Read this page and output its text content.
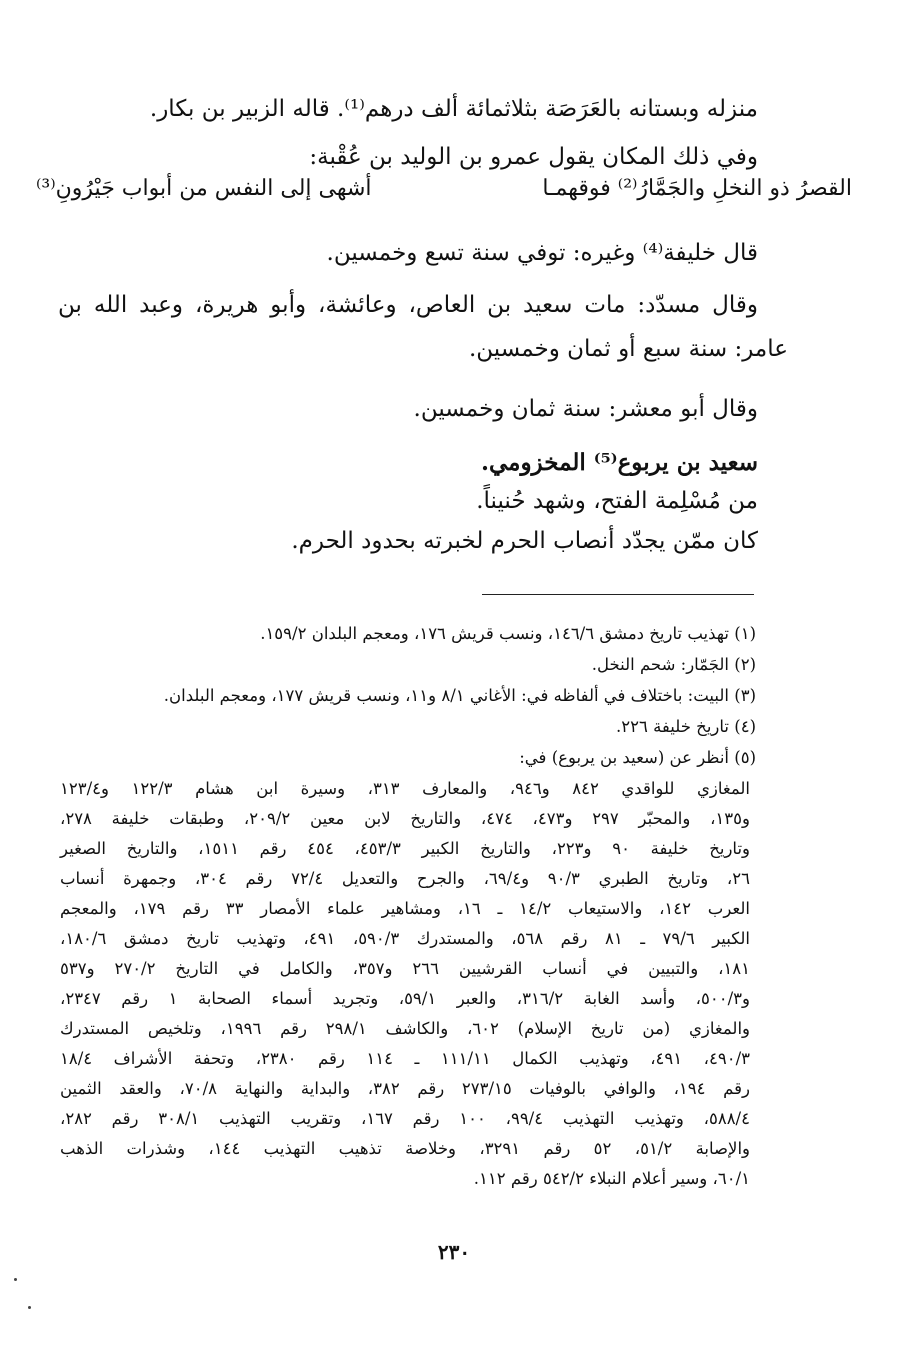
منزله وبستانه بالعَرَصَة بثلاثمائة ألف درهم⁽¹⁾. قاله الزبير بن بكار.
وفي ذلك المكان يقول عمرو بن الوليد بن عُقْبة:
القصرُ ذو النخلِ والجَمَّارُ⁽²⁾ فوقهمـا
أشهى إلى النفس من أبواب جَيْرُونِ⁽³⁾
قال خليفة⁽⁴⁾ وغيره: توفي سنة تسع وخمسين.
وقال مسدّد: مات سعيد بن العاص، وعائشة، وأبو هريرة، وعبد الله بن
عامر: سنة سبع أو ثمان وخمسين.
وقال أبو معشر: سنة ثمان وخمسين.
سعيد بن يربوع⁽⁵⁾ المخزومي.
من مُسْلِمة الفتح، وشهد حُنيناً.
كان ممّن يجدّد أنصاب الحرم لخبرته بحدود الحرم.
(١) تهذيب تاريخ دمشق ١٤٦/٦، ونسب قريش ١٧٦، ومعجم البلدان ١٥٩/٢.
(٢) الجَمّار: شحم النخل.
(٣) البيت: باختلاف في ألفاظه في: الأغاني ٨/١ و١١، ونسب قريش ١٧٧، ومعجم البلدان.
(٤) تاريخ خليفة ٢٢٦.
(٥) أنظر عن (سعيد بن يربوع) في:
المغازي للواقدي ٨٤٢ و٩٤٦، والمعارف ٣١٣، وسيرة ابن هشام ١٢٢/٣ و١٢٣/٤
و١٣٥، والمحبّر ٢٩٧ و٤٧٣، ٤٧٤، والتاريخ لابن معين ٢٠٩/٢، وطبقات خليفة ٢٧٨،
وتاريخ خليفة ٩٠ و٢٢٣، والتاريخ الكبير ٤٥٣/٣، ٤٥٤ رقم ١٥١١، والتاريخ الصغير
٢٦، وتاريخ الطبري ٩٠/٣ و٦٩/٤، والجرح والتعديل ٧٢/٤ رقم ٣٠٤، وجمهرة أنساب
العرب ١٤٢، والاستيعاب ١٤/٢ ـ ١٦، ومشاهير علماء الأمصار ٣٣ رقم ١٧٩، والمعجم
الكبير ٧٩/٦ ـ ٨١ رقم ٥٦٨، والمستدرك ٥٩٠/٣، ٤٩١، وتهذيب تاريخ دمشق ١٨٠/٦،
١٨١، والتبيين في أنساب القرشيين ٢٦٦ و٣٥٧، والكامل في التاريخ ٢٧٠/٢ و٥٣٧
و٥٠٠/٣، وأسد الغابة ٣١٦/٢، والعبر ٥٩/١، وتجريد أسماء الصحابة ١ رقم ٢٣٤٧،
والمغازي (من تاريخ الإسلام) ٦٠٢، والكاشف ٢٩٨/١ رقم ١٩٩٦، وتلخيص المستدرك
٤٩٠/٣، ٤٩١، وتهذيب الكمال ١١١/١١ ـ ١١٤ رقم ٢٣٨٠، وتحفة الأشراف ١٨/٤
رقم ١٩٤، والوافي بالوفيات ٢٧٣/١٥ رقم ٣٨٢، والبداية والنهاية ٧٠/٨، والعقد الثمين
٥٨٨/٤، وتهذيب التهذيب ٩٩/٤، ١٠٠ رقم ١٦٧، وتقريب التهذيب ٣٠٨/١ رقم ٢٨٢،
والإصابة ٥١/٢، ٥٢ رقم ٣٢٩١، وخلاصة تذهيب التهذيب ١٤٤، وشذرات الذهب
٦٠/١، وسير أعلام النبلاء ٥٤٢/٢ رقم ١١٢.
٢٣٠
